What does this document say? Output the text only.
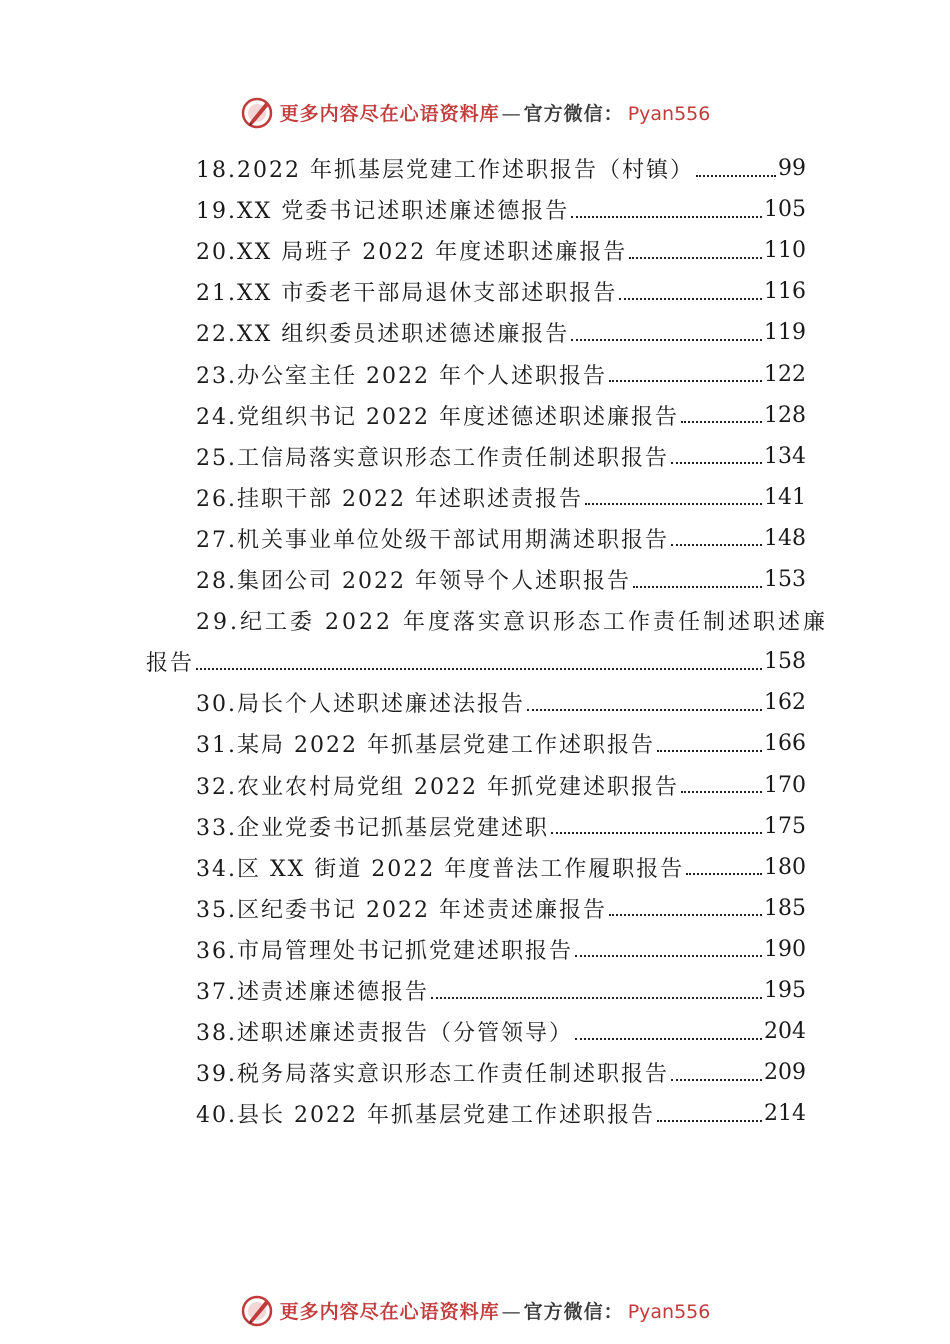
更多内容尽在心语资料库 — 官方微信： Pyan556
18.2022 年抓基层党建工作述职报告（村镇）	99
19.XX 党委书记述职述廉述德报告	105
20.XX 局班子 2022 年度述职述廉报告	110
21.XX 市委老干部局退休支部述职报告	116
22.XX 组织委员述职述德述廉报告	119
23.办公室主任 2022 年个人述职报告	122
24.党组织书记 2022 年度述德述职述廉报告	128
25.工信局落实意识形态工作责任制述职报告	134
26.挂职干部 2022 年述职述责报告	141
27.机关事业单位处级干部试用期满述职报告	148
28.集团公司 2022 年领导个人述职报告	153
29.纪工委 2022 年度落实意识形态工作责任制述职述廉
报告	158
30.局长个人述职述廉述法报告	162
31.某局 2022 年抓基层党建工作述职报告	166
32.农业农村局党组 2022 年抓党建述职报告	170
33.企业党委书记抓基层党建述职	175
34.区 XX 街道 2022 年度普法工作履职报告	180
35.区纪委书记 2022 年述责述廉报告	185
36.市局管理处书记抓党建述职报告	190
37.述责述廉述德报告	195
38.述职述廉述责报告（分管领导）	204
39.税务局落实意识形态工作责任制述职报告	209
40.县长 2022 年抓基层党建工作述职报告	214
更多内容尽在心语资料库 — 官方微信： Pyan556
